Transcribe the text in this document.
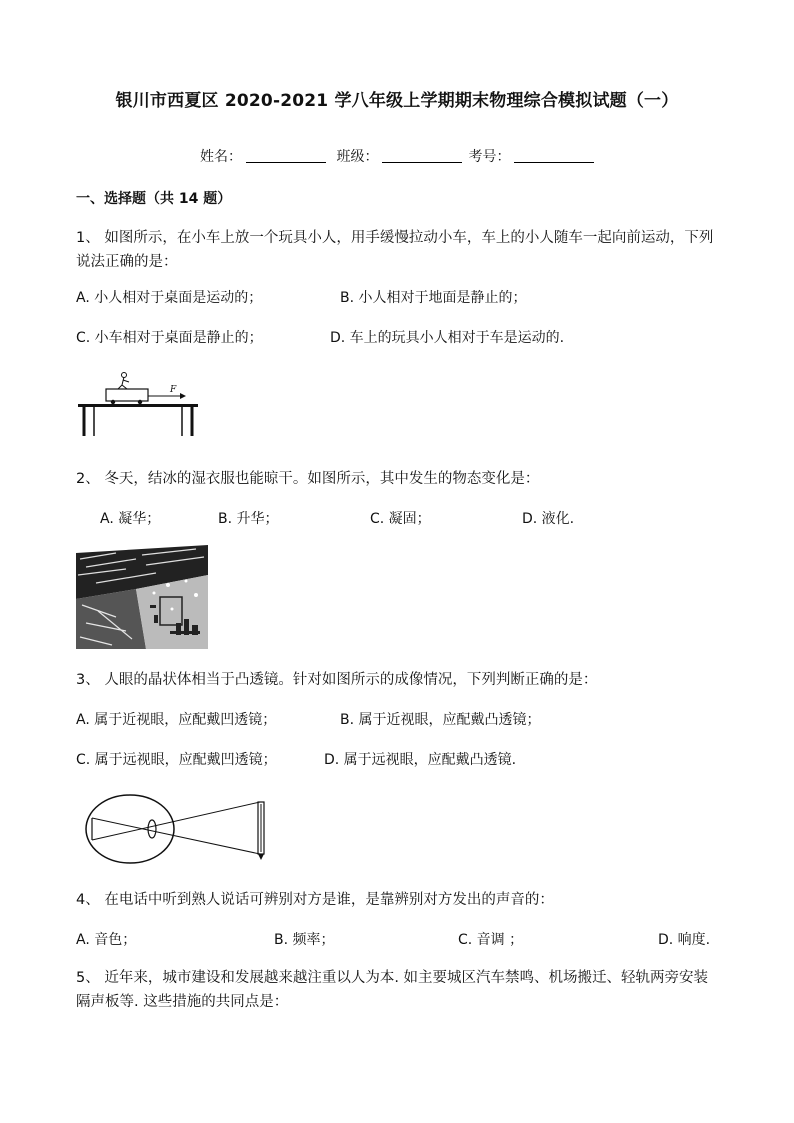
银川市西夏区 2020-2021 学八年级上学期期末物理综合模拟试题（一）
姓名：	班级：	考号：
一、选择题（共 14 题）
1、 如图所示，在小车上放一个玩具小人，用手缓慢拉动小车，车上的小人随车一起向前运动，下列说法正确的是：
A. 小人相对于桌面是运动的；	B. 小人相对于地面是静止的；
C. 小车相对于桌面是静止的；	D. 车上的玩具小人相对于车是运动的.
F
2、 冬天，结冰的湿衣服也能晾干。如图所示，其中发生的物态变化是：
A. 凝华；	B. 升华；	C. 凝固；	D. 液化.
3、 人眼的晶状体相当于凸透镜。针对如图所示的成像情况，下列判断正确的是：
A. 属于近视眼，应配戴凹透镜；	B. 属于近视眼，应配戴凸透镜；
C. 属于远视眼，应配戴凹透镜；	D. 属于远视眼，应配戴凸透镜.
4、 在电话中听到熟人说话可辨别对方是谁，是靠辨别对方发出的声音的：
A. 音色；	B. 频率；	C. 音调 ；	D. 响度.
5、 近年来，城市建设和发展越来越注重以人为本. 如主要城区汽车禁鸣、机场搬迁、轻轨两旁安装隔声板等. 这些措施的共同点是：
